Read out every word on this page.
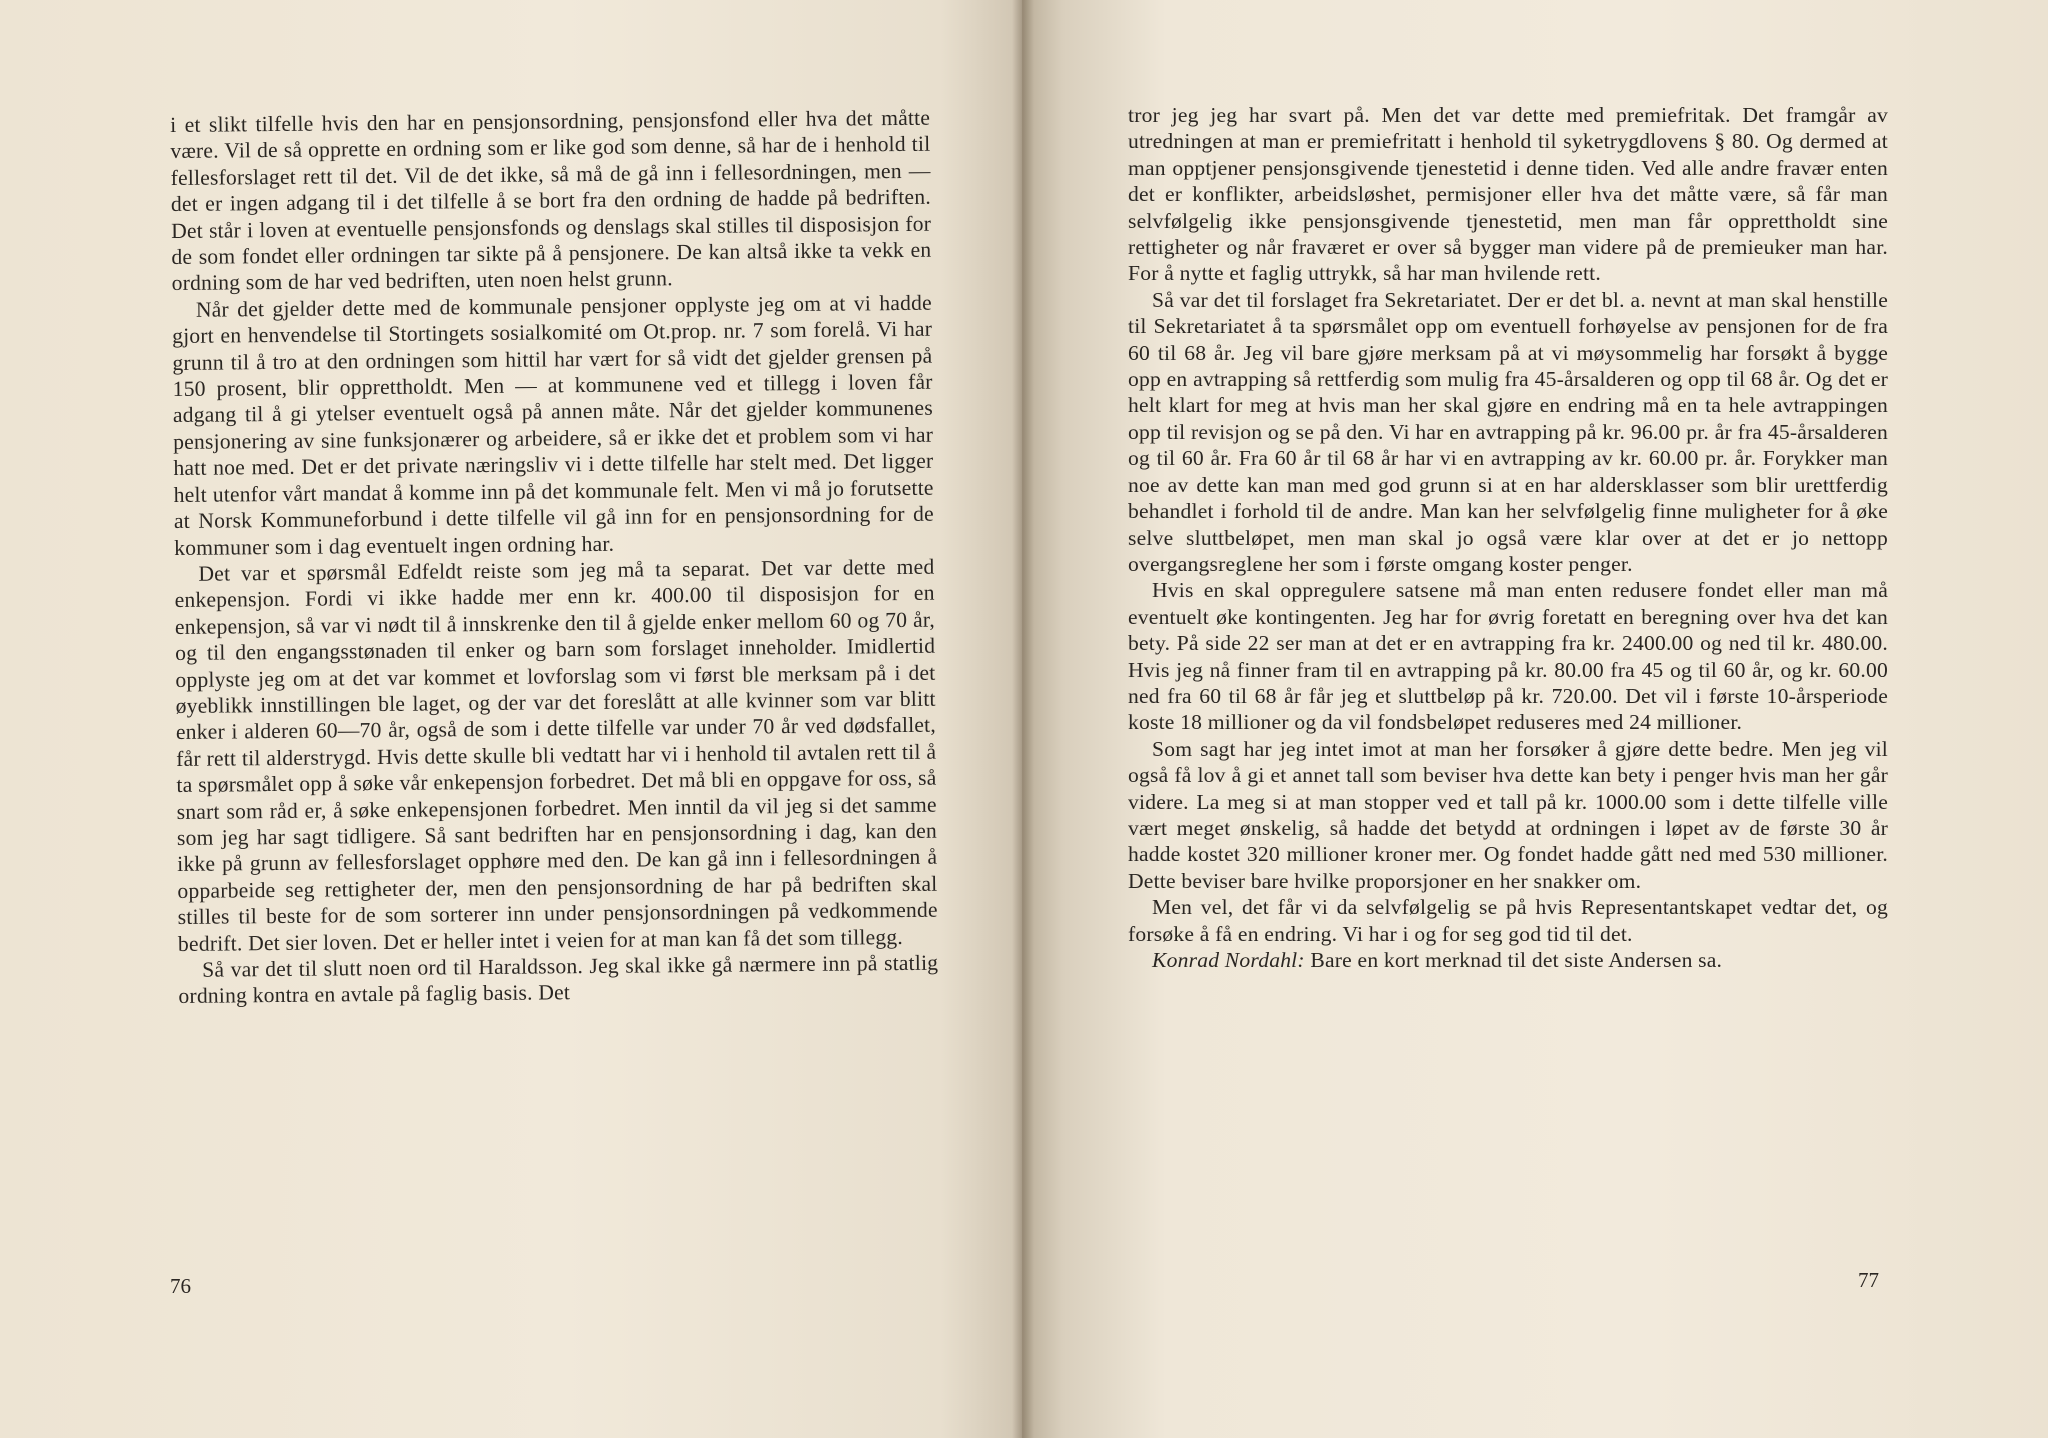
i et slikt tilfelle hvis den har en pensjonsordning, pensjonsfond eller hva det måtte være. Vil de så opprette en ordning som er like god som denne, så har de i henhold til fellesforslaget rett til det. Vil de det ikke, så må de gå inn i fellesordningen, men — det er ingen adgang til i det tilfelle å se bort fra den ordning de hadde på bedriften. Det står i loven at eventuelle pensjonsfonds og denslags skal stilles til disposisjon for de som fondet eller ordningen tar sikte på å pensjonere. De kan altså ikke ta vekk en ordning som de har ved bedriften, uten noen helst grunn.

Når det gjelder dette med de kommunale pensjoner opplyste jeg om at vi hadde gjort en henvendelse til Stortingets sosialkomité om Ot.prop. nr. 7 som forelå. Vi har grunn til å tro at den ordningen som hittil har vært for så vidt det gjelder grensen på 150 prosent, blir opprettholdt. Men — at kommunene ved et tillegg i loven får adgang til å gi ytelser eventuelt også på annen måte. Når det gjelder kommunenes pensjonering av sine funksjonærer og arbeidere, så er ikke det et problem som vi har hatt noe med. Det er det private næringsliv vi i dette tilfelle har stelt med. Det ligger helt utenfor vårt mandat å komme inn på det kommunale felt. Men vi må jo forutsette at Norsk Kommuneforbund i dette tilfelle vil gå inn for en pensjonsordning for de kommuner som i dag eventuelt ingen ordning har.

Det var et spørsmål Edfeldt reiste som jeg må ta separat. Det var dette med enkepensjon. Fordi vi ikke hadde mer enn kr. 400.00 til disposisjon for en enkepensjon, så var vi nødt til å innskrenke den til å gjelde enker mellom 60 og 70 år, og til den engangsstønaden til enker og barn som forslaget inneholder. Imidlertid opplyste jeg om at det var kommet et lovforslag som vi først ble merksam på i det øyeblikk innstillingen ble laget, og der var det foreslått at alle kvinner som var blitt enker i alderen 60—70 år, også de som i dette tilfelle var under 70 år ved dødsfallet, får rett til alderstrygd. Hvis dette skulle bli vedtatt har vi i henhold til avtalen rett til å ta spørsmålet opp å søke vår enkepensjon forbedret. Det må bli en oppgave for oss, så snart som råd er, å søke enkepensjonen forbedret. Men inntil da vil jeg si det samme som jeg har sagt tidligere. Så sant bedriften har en pensjonsordning i dag, kan den ikke på grunn av fellesforslaget opphøre med den. De kan gå inn i fellesordningen å opparbeide seg rettigheter der, men den pensjonsordning de har på bedriften skal stilles til beste for de som sorterer inn under pensjonsordningen på vedkommende bedrift. Det sier loven. Det er heller intet i veien for at man kan få det som tillegg.

Så var det til slutt noen ord til Haraldsson. Jeg skal ikke gå nærmere inn på statlig ordning kontra en avtale på faglig basis. Det

76

tror jeg jeg har svart på. Men det var dette med premiefritak. Det framgår av utredningen at man er premiefritatt i henhold til syketrygdlovens § 80. Og dermed at man opptjener pensjonsgivende tjenestetid i denne tiden. Ved alle andre fravær enten det er konflikter, arbeidsløshet, permisjoner eller hva det måtte være, så får man selvfølgelig ikke pensjonsgivende tjenestetid, men man får opprettholdt sine rettigheter og når fraværet er over så bygger man videre på de premieuker man har. For å nytte et faglig uttrykk, så har man hvilende rett.

Så var det til forslaget fra Sekretariatet. Der er det bl. a. nevnt at man skal henstille til Sekretariatet å ta spørsmålet opp om eventuell forhøyelse av pensjonen for de fra 60 til 68 år. Jeg vil bare gjøre merksam på at vi møysommelig har forsøkt å bygge opp en avtrapping så rettferdig som mulig fra 45-årsalderen og opp til 68 år. Og det er helt klart for meg at hvis man her skal gjøre en endring må en ta hele avtrappingen opp til revisjon og se på den. Vi har en avtrapping på kr. 96.00 pr. år fra 45-årsalderen og til 60 år. Fra 60 år til 68 år har vi en avtrapping av kr. 60.00 pr. år. Forykker man noe av dette kan man med god grunn si at en har aldersklasser som blir urettferdig behandlet i forhold til de andre. Man kan her selvfølgelig finne muligheter for å øke selve sluttbeløpet, men man skal jo også være klar over at det er jo nettopp overgangsreglene her som i første omgang koster penger.

Hvis en skal oppregulere satsene må man enten redusere fondet eller man må eventuelt øke kontingenten. Jeg har for øvrig foretatt en beregning over hva det kan bety. På side 22 ser man at det er en avtrapping fra kr. 2400.00 og ned til kr. 480.00. Hvis jeg nå finner fram til en avtrapping på kr. 80.00 fra 45 og til 60 år, og kr. 60.00 ned fra 60 til 68 år får jeg et sluttbeløp på kr. 720.00. Det vil i første 10-årsperiode koste 18 millioner og da vil fondsbeløpet reduseres med 24 millioner.

Som sagt har jeg intet imot at man her forsøker å gjøre dette bedre. Men jeg vil også få lov å gi et annet tall som beviser hva dette kan bety i penger hvis man her går videre. La meg si at man stopper ved et tall på kr. 1000.00 som i dette tilfelle ville vært meget ønskelig, så hadde det betydd at ordningen i løpet av de første 30 år hadde kostet 320 millioner kroner mer. Og fondet hadde gått ned med 530 millioner. Dette beviser bare hvilke proporsjoner en her snakker om.

Men vel, det får vi da selvfølgelig se på hvis Representantskapet vedtar det, og forsøke å få en endring. Vi har i og for seg god tid til det.

Konrad Nordahl: Bare en kort merknad til det siste Andersen sa.

77
